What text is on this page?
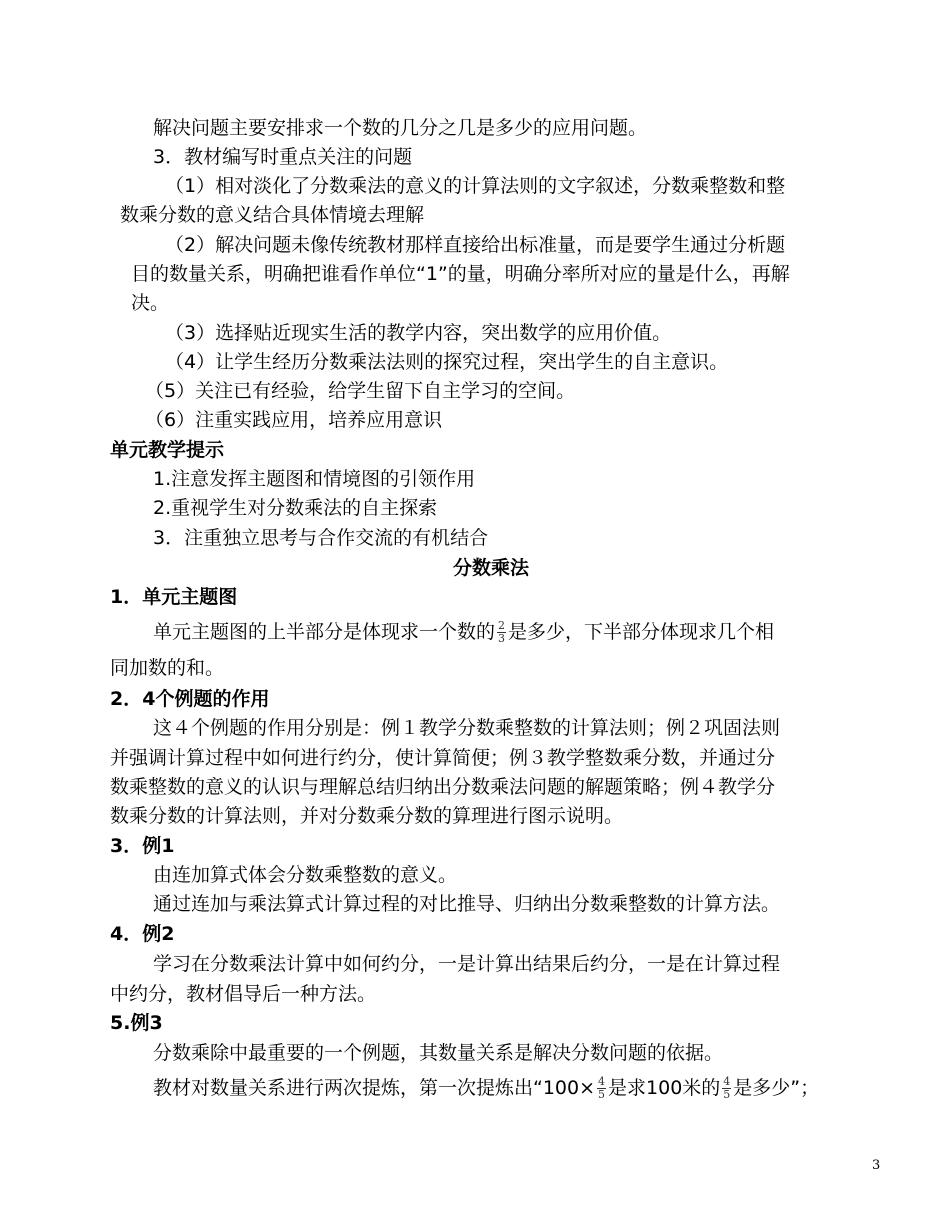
解决问题主要安排求一个数的几分之几是多少的应用问题。
3．教材编写时重点关注的问题
（1）相对淡化了分数乘法的意义的计算法则的文字叙述，分数乘整数和整
数乘分数的意义结合具体情境去理解
（2）解决问题未像传统教材那样直接给出标准量，而是要学生通过分析题
目的数量关系，明确把谁看作单位“1”的量，明确分率所对应的量是什么，再解
决。
（3）选择贴近现实生活的教学内容，突出数学的应用价值。
（4）让学生经历分数乘法法则的探究过程，突出学生的自主意识。
（5）关注已有经验，给学生留下自主学习的空间。
（6）注重实践应用，培养应用意识
单元教学提示
1.注意发挥主题图和情境图的引领作用
2.重视学生对分数乘法的自主探索
3．注重独立思考与合作交流的有机结合
分数乘法
1．单元主题图
单元主题图的上半部分是体现求一个数的 $\frac{2}{3}$ 是多少，下半部分体现求几个相
同加数的和。
2．4个例题的作用
这４个例题的作用分别是：例１教学分数乘整数的计算法则；例２巩固法则
并强调计算过程中如何进行约分，使计算简便；例３教学整数乘分数，并通过分
数乘整数的意义的认识与理解总结归纳出分数乘法问题的解题策略；例４教学分
数乘分数的计算法则，并对分数乘分数的算理进行图示说明。
3．例1
由连加算式体会分数乘整数的意义。
通过连加与乘法算式计算过程的对比推导、归纳出分数乘整数的计算方法。
4．例2
学习在分数乘法计算中如何约分，一是计算出结果后约分，一是在计算过程
中约分，教材倡导后一种方法。
5.例3
分数乘除中最重要的一个例题，其数量关系是解决分数问题的依据。
教材对数量关系进行两次提炼，第一次提炼出“$100\times \frac{4}{5}$ 是求100米的 $\frac{4}{5}$ 是多少”；
3
